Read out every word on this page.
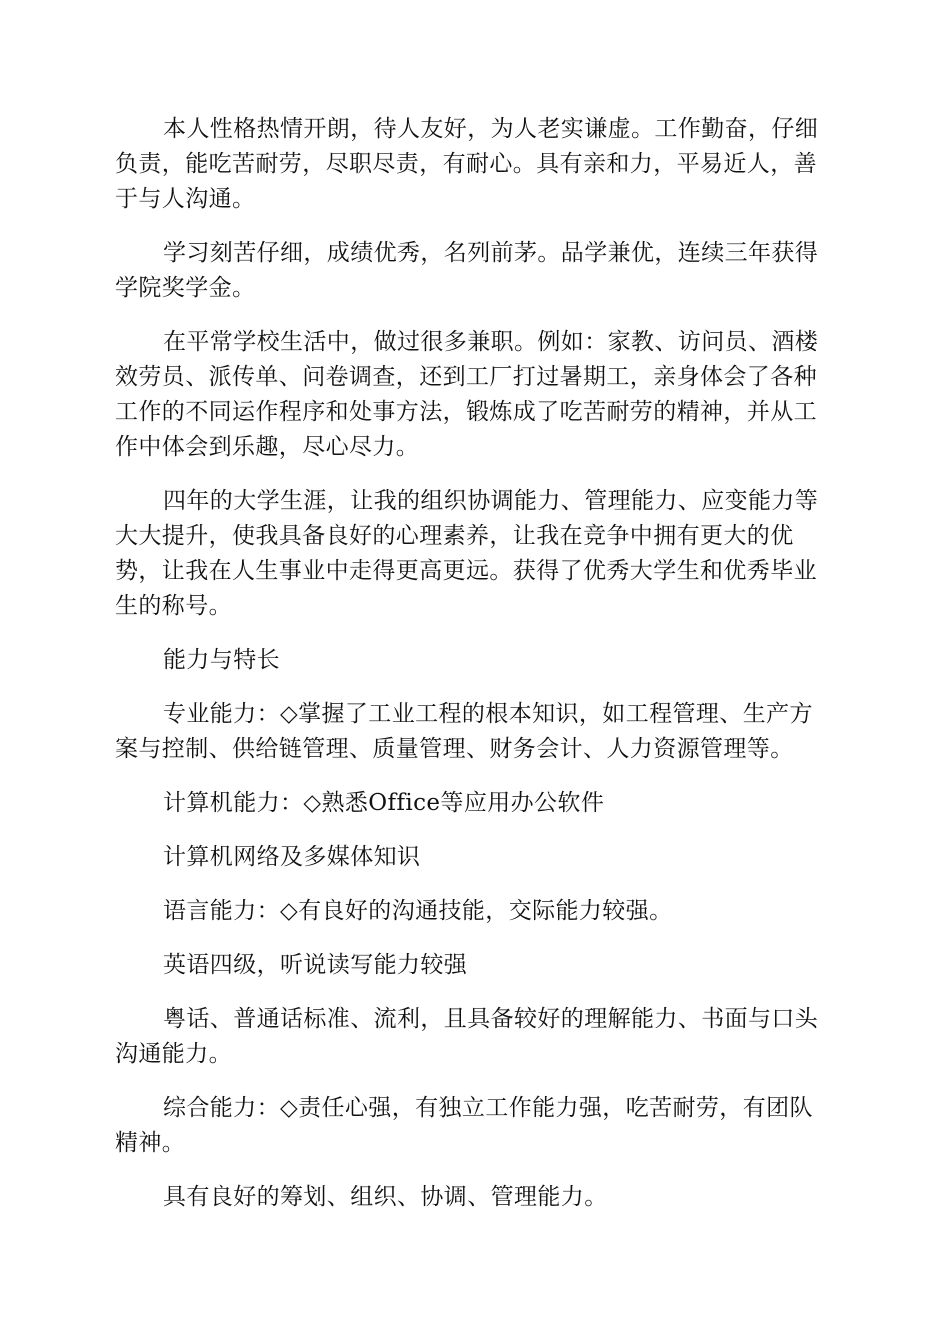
本人性格热情开朗，待人友好，为人老实谦虚。工作勤奋，仔细负责，能吃苦耐劳，尽职尽责，有耐心。具有亲和力，平易近人，善于与人沟通。

学习刻苦仔细，成绩优秀，名列前茅。品学兼优，连续三年获得学院奖学金。

在平常学校生活中，做过很多兼职。例如：家教、访问员、酒楼效劳员、派传单、问卷调查，还到工厂打过暑期工，亲身体会了各种工作的不同运作程序和处事方法，锻炼成了吃苦耐劳的精神，并从工作中体会到乐趣，尽心尽力。

四年的大学生涯，让我的组织协调能力、管理能力、应变能力等大大提升，使我具备良好的心理素养，让我在竞争中拥有更大的优势，让我在人生事业中走得更高更远。获得了优秀大学生和优秀毕业生的称号。

能力与特长

专业能力：◇掌握了工业工程的根本知识，如工程管理、生产方案与控制、供给链管理、质量管理、财务会计、人力资源管理等。

计算机能力：◇熟悉Office等应用办公软件

计算机网络及多媒体知识

语言能力：◇有良好的沟通技能，交际能力较强。

英语四级，听说读写能力较强

粤话、普通话标准、流利，且具备较好的理解能力、书面与口头沟通能力。

综合能力：◇责任心强，有独立工作能力强，吃苦耐劳，有团队精神。

具有良好的筹划、组织、协调、管理能力。
